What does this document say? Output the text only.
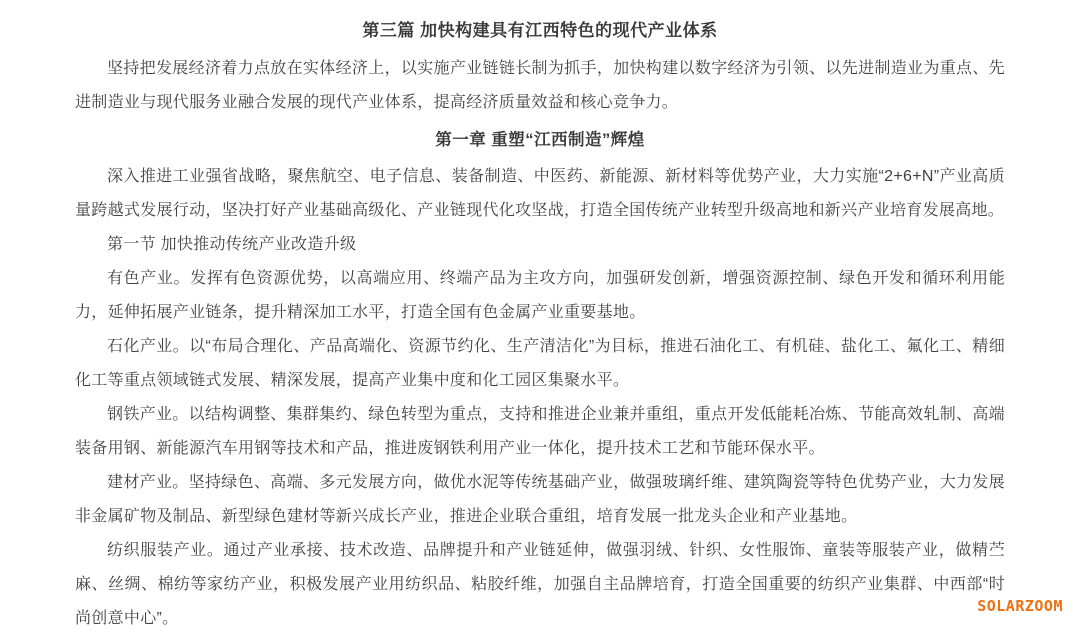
第三篇 加快构建具有江西特色的现代产业体系

坚持把发展经济着力点放在实体经济上，以实施产业链链长制为抓手，加快构建以数字经济为引领、以先进制造业为重点、先进制造业与现代服务业融合发展的现代产业体系，提高经济质量效益和核心竞争力。

第一章 重塑“江西制造”辉煌

深入推进工业强省战略，聚焦航空、电子信息、装备制造、中医药、新能源、新材料等优势产业，大力实施“2+6+N”产业高质量跨越式发展行动，坚决打好产业基础高级化、产业链现代化攻坚战，打造全国传统产业转型升级高地和新兴产业培育发展高地。

第一节 加快推动传统产业改造升级

有色产业。发挥有色资源优势，以高端应用、终端产品为主攻方向，加强研发创新，增强资源控制、绿色开发和循环利用能力，延伸拓展产业链条，提升精深加工水平，打造全国有色金属产业重要基地。

石化产业。以“布局合理化、产品高端化、资源节约化、生产清洁化”为目标，推进石油化工、有机硅、盐化工、氟化工、精细化工等重点领域链式发展、精深发展，提高产业集中度和化工园区集聚水平。

钢铁产业。以结构调整、集群集约、绿色转型为重点，支持和推进企业兼并重组，重点开发低能耗冶炼、节能高效轧制、高端装备用钢、新能源汽车用钢等技术和产品，推进废钢铁利用产业一体化，提升技术工艺和节能环保水平。

建材产业。坚持绿色、高端、多元发展方向，做优水泥等传统基础产业，做强玻璃纤维、建筑陶瓷等特色优势产业，大力发展非金属矿物及制品、新型绿色建材等新兴成长产业，推进企业联合重组，培育发展一批龙头企业和产业基地。

纺织服装产业。通过产业承接、技术改造、品牌提升和产业链延伸，做强羽绒、针织、女性服饰、童装等服装产业，做精苎麻、丝绸、棉纺等家纺产业，积极发展产业用纺织品、粘胶纤维，加强自主品牌培育，打造全国重要的纺织产业集群、中西部“时尚创意中心”。

SOLARZOOM
